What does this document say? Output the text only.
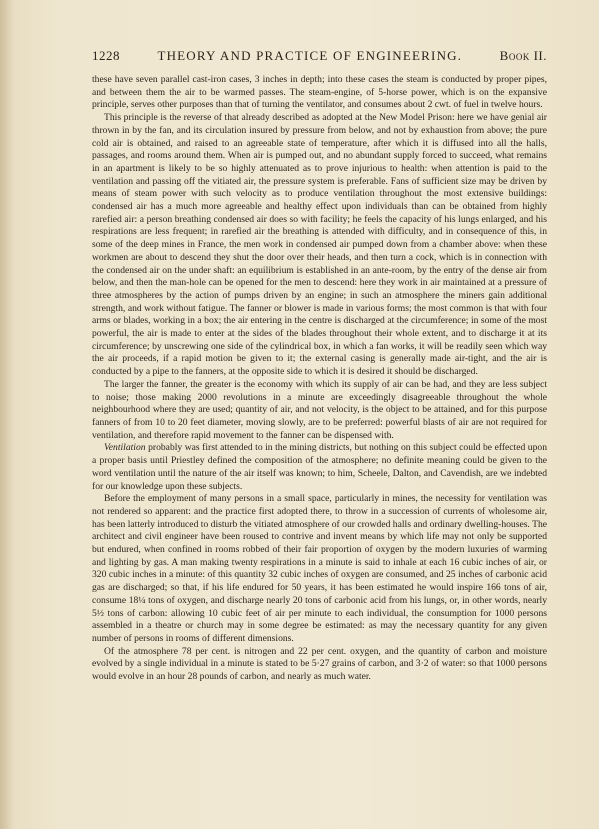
1228	THEORY AND PRACTICE OF ENGINEERING.	Book II.

these have seven parallel cast-iron cases, 3 inches in depth; into these cases the steam is conducted by proper pipes, and between them the air to be warmed passes. The steam-engine, of 5-horse power, which is on the expansive principle, serves other purposes than that of turning the ventilator, and consumes about 2 cwt. of fuel in twelve hours.

This principle is the reverse of that already described as adopted at the New Model Prison: here we have genial air thrown in by the fan, and its circulation insured by pressure from below, and not by exhaustion from above; the pure cold air is obtained, and raised to an agreeable state of temperature, after which it is diffused into all the halls, passages, and rooms around them. When air is pumped out, and no abundant supply forced to succeed, what remains in an apartment is likely to be so highly attenuated as to prove injurious to health: when attention is paid to the ventilation and passing off the vitiated air, the pressure system is preferable. Fans of sufficient size may be driven by means of steam power with such velocity as to produce ventilation throughout the most extensive buildings: condensed air has a much more agreeable and healthy effect upon individuals than can be obtained from highly rarefied air: a person breathing condensed air does so with facility; he feels the capacity of his lungs enlarged, and his respirations are less frequent; in rarefied air the breathing is attended with difficulty, and in consequence of this, in some of the deep mines in France, the men work in condensed air pumped down from a chamber above: when these workmen are about to descend they shut the door over their heads, and then turn a cock, which is in connection with the condensed air on the under shaft: an equilibrium is established in an ante-room, by the entry of the dense air from below, and then the man-hole can be opened for the men to descend: here they work in air maintained at a pressure of three atmospheres by the action of pumps driven by an engine; in such an atmosphere the miners gain additional strength, and work without fatigue. The fanner or blower is made in various forms; the most common is that with four arms or blades, working in a box; the air entering in the centre is discharged at the circumference; in some of the most powerful, the air is made to enter at the sides of the blades throughout their whole extent, and to discharge it at its circumference; by unscrewing one side of the cylindrical box, in which a fan works, it will be readily seen which way the air proceeds, if a rapid motion be given to it; the external casing is generally made air-tight, and the air is conducted by a pipe to the fanners, at the opposite side to which it is desired it should be discharged.

The larger the fanner, the greater is the economy with which its supply of air can be had, and they are less subject to noise; those making 2000 revolutions in a minute are exceedingly disagreeable throughout the whole neighbourhood where they are used; quantity of air, and not velocity, is the object to be attained, and for this purpose fanners of from 10 to 20 feet diameter, moving slowly, are to be preferred: powerful blasts of air are not required for ventilation, and therefore rapid movement to the fanner can be dispensed with.

Ventilation probably was first attended to in the mining districts, but nothing on this subject could be effected upon a proper basis until Priestley defined the composition of the atmosphere; no definite meaning could be given to the word ventilation until the nature of the air itself was known; to him, Scheele, Dalton, and Cavendish, are we indebted for our knowledge upon these subjects.

Before the employment of many persons in a small space, particularly in mines, the necessity for ventilation was not rendered so apparent: and the practice first adopted there, to throw in a succession of currents of wholesome air, has been latterly introduced to disturb the vitiated atmosphere of our crowded halls and ordinary dwelling-houses. The architect and civil engineer have been roused to contrive and invent means by which life may not only be supported but endured, when confined in rooms robbed of their fair proportion of oxygen by the modern luxuries of warming and lighting by gas. A man making twenty respirations in a minute is said to inhale at each 16 cubic inches of air, or 320 cubic inches in a minute: of this quantity 32 cubic inches of oxygen are consumed, and 25 inches of carbonic acid gas are discharged; so that, if his life endured for 50 years, it has been estimated he would inspire 166 tons of air, consume 18¼ tons of oxygen, and discharge nearly 20 tons of carbonic acid from his lungs, or, in other words, nearly 5½ tons of carbon: allowing 10 cubic feet of air per minute to each individual, the consumption for 1000 persons assembled in a theatre or church may in some degree be estimated: as may the necessary quantity for any given number of persons in rooms of different dimensions.

Of the atmosphere 78 per cent. is nitrogen and 22 per cent. oxygen, and the quantity of carbon and moisture evolved by a single individual in a minute is stated to be 5·27 grains of carbon, and 3·2 of water: so that 1000 persons would evolve in an hour 28 pounds of carbon, and nearly as much water.
